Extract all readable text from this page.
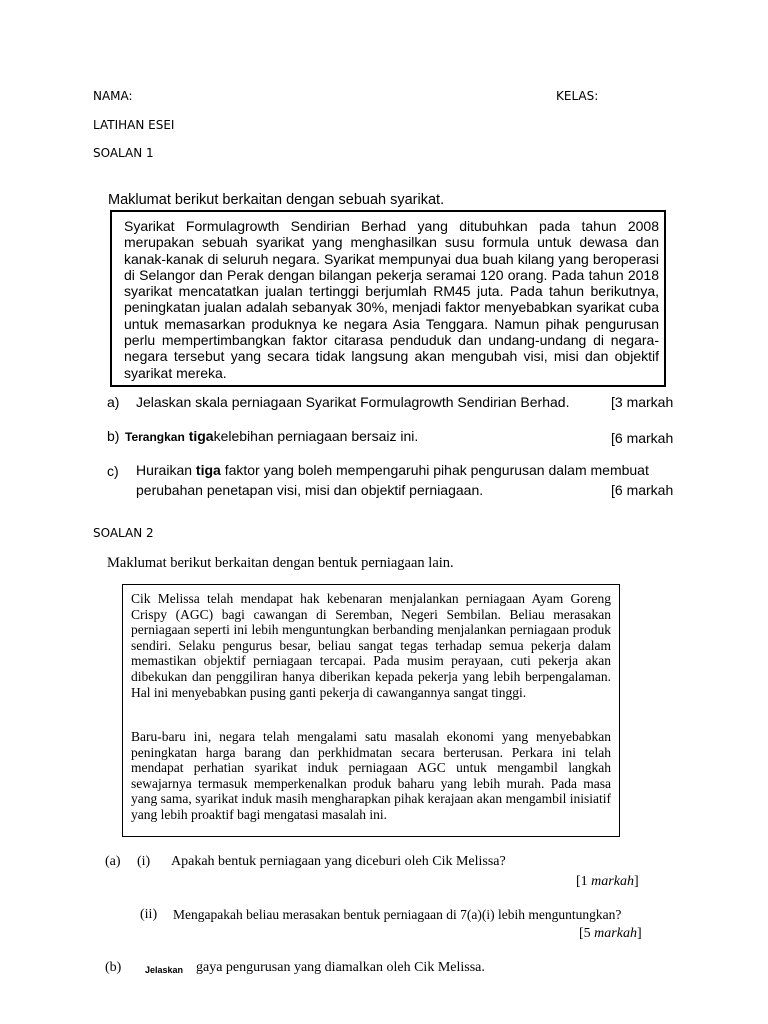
NAMA:	KELAS:
LATIHAN ESEI
SOALAN 1
Maklumat berikut berkaitan dengan sebuah syarikat.
Syarikat Formulagrowth Sendirian Berhad yang ditubuhkan pada tahun 2008 merupakan sebuah syarikat yang menghasilkan susu formula untuk dewasa dan kanak-kanak di seluruh negara. Syarikat mempunyai dua buah kilang yang beroperasi di Selangor dan Perak dengan bilangan pekerja seramai 120 orang. Pada tahun 2018 syarikat mencatatkan jualan tertinggi berjumlah RM45 juta. Pada tahun berikutnya, peningkatan jualan adalah sebanyak 30%, menjadi faktor menyebabkan syarikat cuba untuk memasarkan produknya ke negara Asia Tenggara. Namun pihak pengurusan perlu mempertimbangkan faktor citarasa penduduk dan undang-undang di negara-negara tersebut yang secara tidak langsung akan mengubah visi, misi dan objektif syarikat mereka.
a) Jelaskan skala perniagaan Syarikat Formulagrowth Sendirian Berhad.	[3 markah
b) Terangkan tigakelebihan perniagaan bersaiz ini.	[6 markah
c) Huraikan tiga faktor yang boleh mempengaruhi pihak pengurusan dalam membuat
perubahan penetapan visi, misi dan objektif perniagaan.	[6 markah
SOALAN 2
Maklumat berikut berkaitan dengan bentuk perniagaan lain.
Cik Melissa telah mendapat hak kebenaran menjalankan perniagaan Ayam Goreng Crispy (AGC) bagi cawangan di Seremban, Negeri Sembilan. Beliau merasakan perniagaan seperti ini lebih menguntungkan berbanding menjalankan perniagaan produk sendiri. Selaku pengurus besar, beliau sangat tegas terhadap semua pekerja dalam memastikan objektif perniagaan tercapai. Pada musim perayaan, cuti pekerja akan dibekukan dan penggiliran hanya diberikan kepada pekerja yang lebih berpengalaman. Hal ini menyebabkan pusing ganti pekerja di cawangannya sangat tinggi.
Baru-baru ini, negara telah mengalami satu masalah ekonomi yang menyebabkan peningkatan harga barang dan perkhidmatan secara berterusan. Perkara ini telah mendapat perhatian syarikat induk perniagaan AGC untuk mengambil langkah sewajarnya termasuk memperkenalkan produk baharu yang lebih murah. Pada masa yang sama, syarikat induk masih mengharapkan pihak kerajaan akan mengambil inisiatif yang lebih proaktif bagi mengatasi masalah ini.
(a) (i) Apakah bentuk perniagaan yang diceburi oleh Cik Melissa?
[1 markah]
(ii) Mengapakah beliau merasakan bentuk perniagaan di 7(a)(i) lebih menguntungkan?
[5 markah]
(b)	Jelaskan gaya pengurusan yang diamalkan oleh Cik Melissa.
